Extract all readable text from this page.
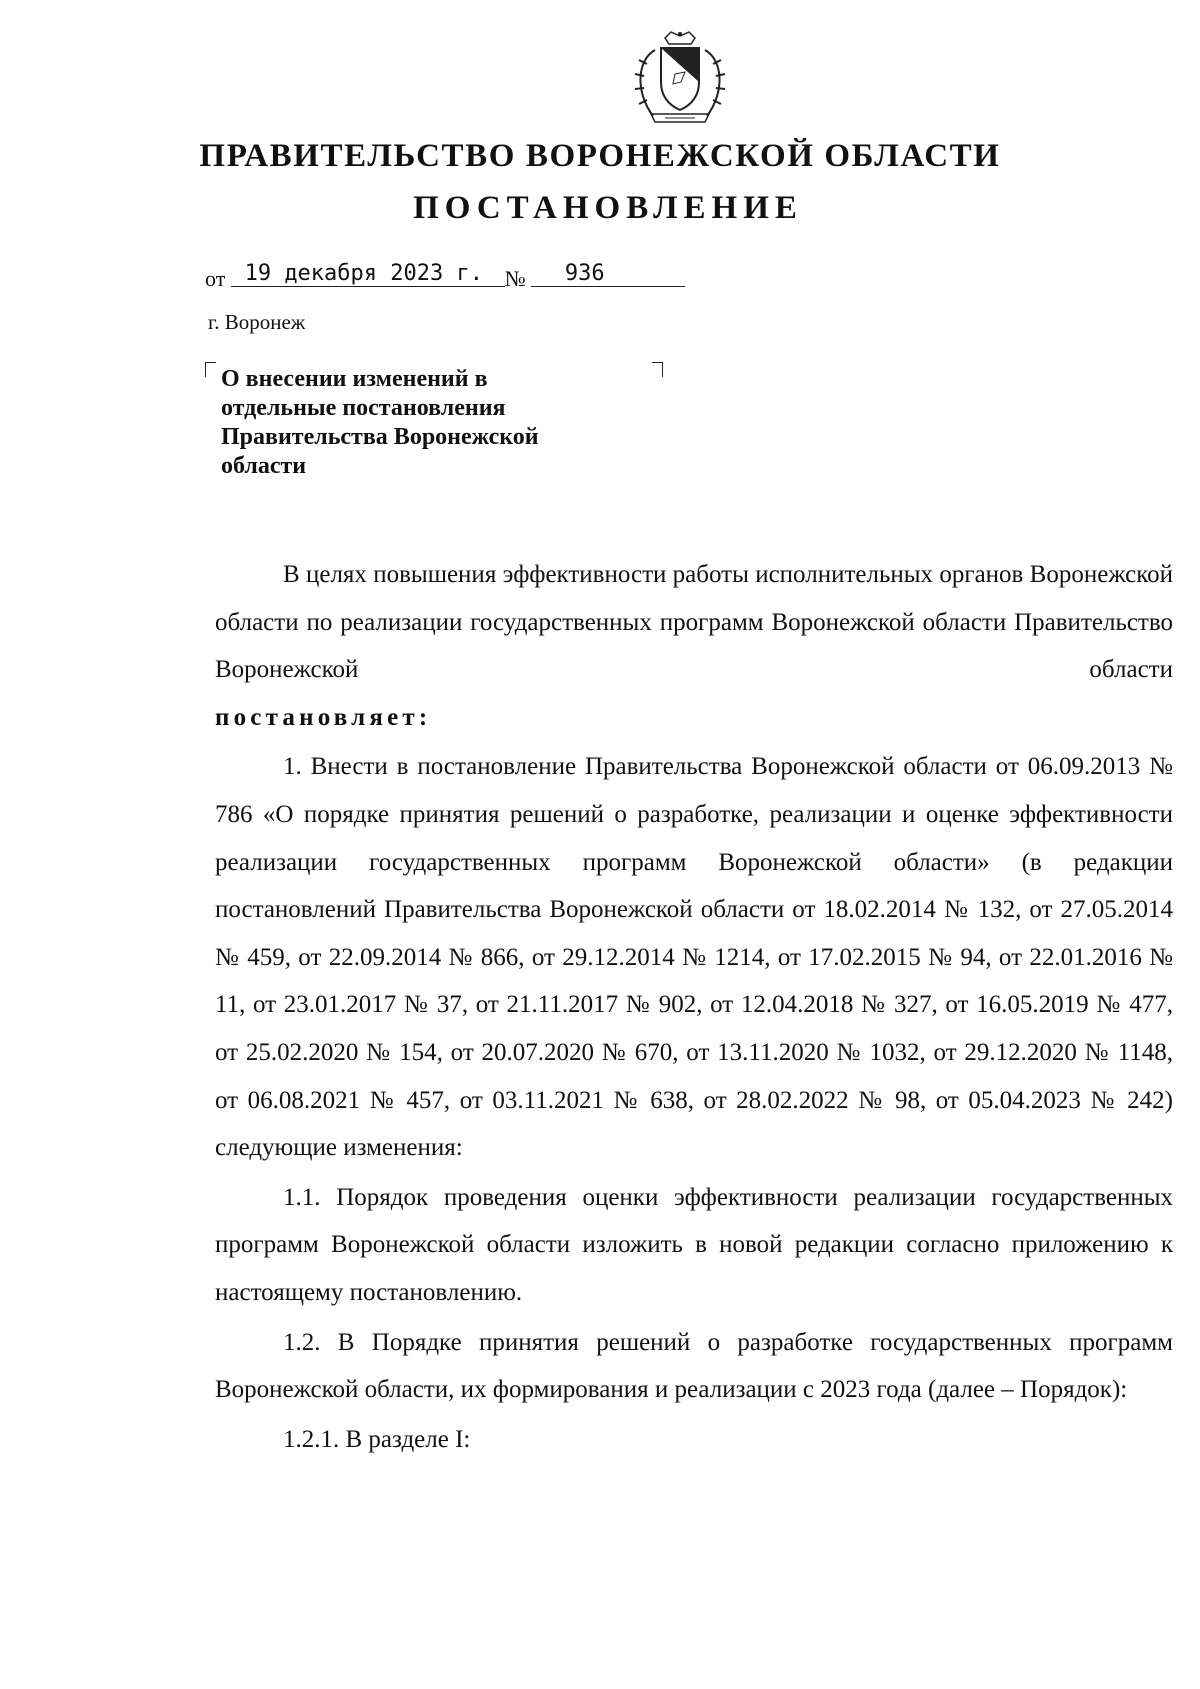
ПРАВИТЕЛЬСТВО ВОРОНЕЖСКОЙ ОБЛАСТИ
ПОСТАНОВЛЕНИЕ
от 19 декабря 2023 г. № 936
г. Воронеж
О внесении изменений в
отдельные постановления
Правительства Воронежской
области

В целях повышения эффективности работы исполнительных органов Воронежской области по реализации государственных программ Воронежской области Правительство Воронежской области

постановляет:

1. Внести в постановление Правительства Воронежской области от 06.09.2013 № 786 «О порядке принятия решений о разработке, реализации и оценке эффективности реализации государственных программ Воронежской области» (в редакции постановлений Правительства Воронежской области от 18.02.2014 № 132, от 27.05.2014 № 459, от 22.09.2014 № 866, от 29.12.2014 № 1214, от 17.02.2015 № 94, от 22.01.2016 № 11, от 23.01.2017 № 37, от 21.11.2017 № 902, от 12.04.2018 № 327, от 16.05.2019 № 477, от 25.02.2020 № 154, от 20.07.2020 № 670, от 13.11.2020 № 1032, от 29.12.2020 № 1148, от 06.08.2021 № 457, от 03.11.2021 № 638, от 28.02.2022 № 98, от 05.04.2023 № 242) следующие изменения:

1.1. Порядок проведения оценки эффективности реализации государственных программ Воронежской области изложить в новой редакции согласно приложению к настоящему постановлению.

1.2. В Порядке принятия решений о разработке государственных программ Воронежской области, их формирования и реализации с 2023 года (далее – Порядок):

1.2.1. В разделе I:
